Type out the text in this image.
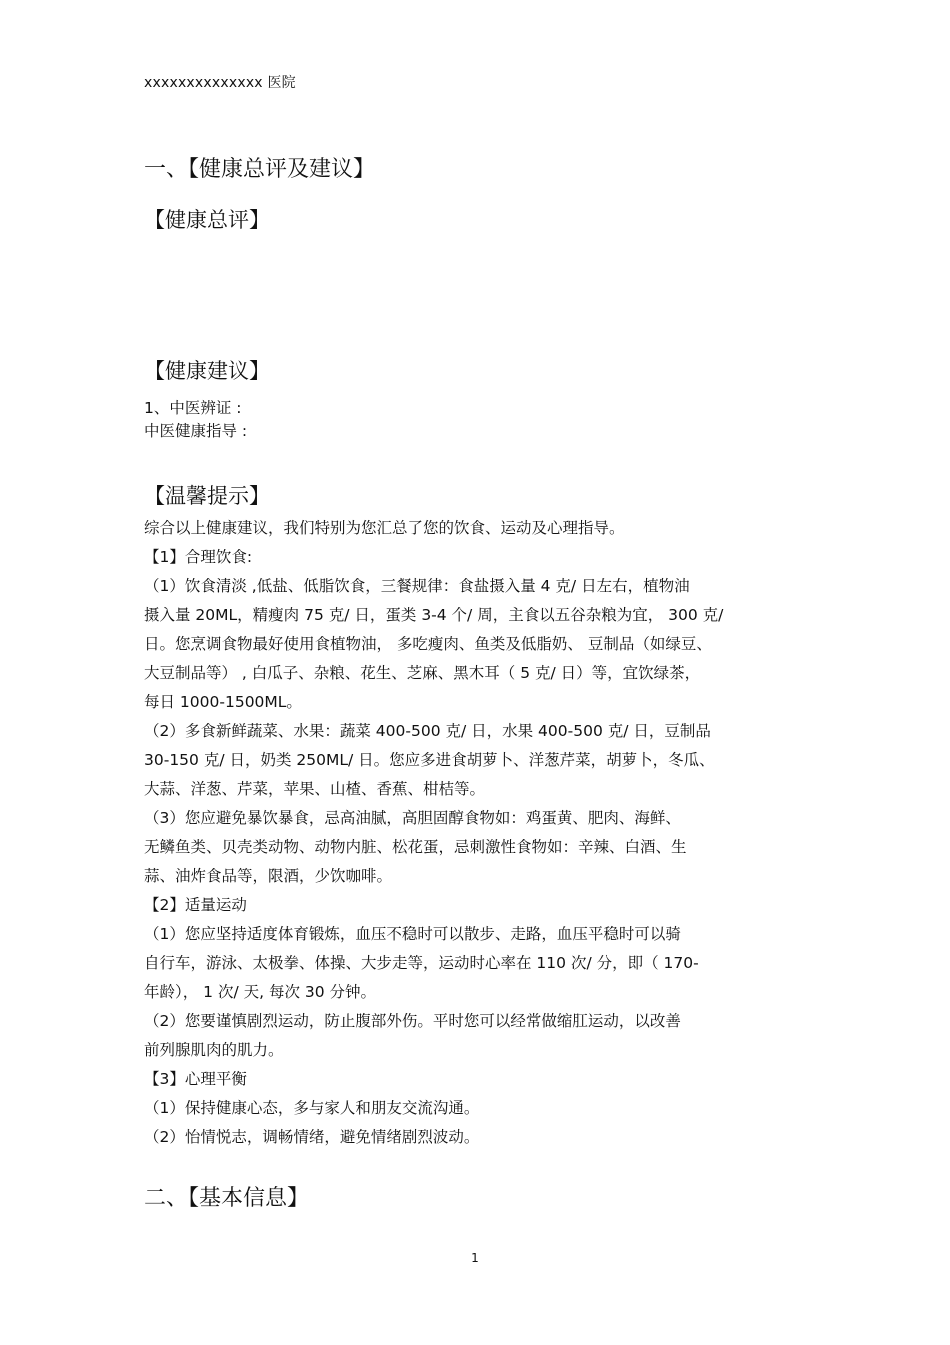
xxxxxxxxxxxxxx 医院
一、【健康总评及建议】
【健康总评】
【健康建议】
1、中医辨证 :
中医健康指导 :
【温馨提示】
综合以上健康建议，我们特别为您汇总了您的饮食、运动及心理指导。
【1】合理饮食:
（1）饮食清淡 ,低盐、低脂饮食，三餐规律：食盐摄入量 4 克/ 日左右，植物油
摄入量 20ML，精瘦肉 75 克/ 日，蛋类 3-4 个/ 周，主食以五谷杂粮为宜， 300 克/
日。您烹调食物最好使用食植物油， 多吃瘦肉、鱼类及低脂奶、 豆制品（如绿豆、
大豆制品等） , 白瓜子、杂粮、花生、芝麻、黑木耳（ 5 克/ 日）等，宜饮绿茶，
每日 1000-1500ML。
（2）多食新鲜蔬菜、水果：蔬菜 400-500 克/ 日，水果 400-500 克/ 日，豆制品
30-150 克/ 日，奶类 250ML/ 日。您应多进食胡萝卜、洋葱芹菜，胡萝卜，冬瓜、
大蒜、洋葱、芹菜，苹果、山楂、香蕉、柑桔等。
（3）您应避免暴饮暴食，忌高油腻，高胆固醇食物如：鸡蛋黄、肥肉、海鲜、
无鳞鱼类、贝壳类动物、动物内脏、松花蛋，忌刺激性食物如：辛辣、白酒、生
蒜、油炸食品等，限酒，少饮咖啡。
【2】适量运动
（1）您应坚持适度体育锻炼，血压不稳时可以散步、走路，血压平稳时可以骑
自行车，游泳、太极拳、体操、大步走等，运动时心率在 110 次/ 分，即（ 170-
年龄）， 1 次/ 天, 每次 30 分钟。
（2）您要谨慎剧烈运动，防止腹部外伤。平时您可以经常做缩肛运动，以改善
前列腺肌肉的肌力。
【3】心理平衡
（1）保持健康心态，多与家人和朋友交流沟通。
（2）怡情悦志，调畅情绪，避免情绪剧烈波动。
二、【基本信息】
1
